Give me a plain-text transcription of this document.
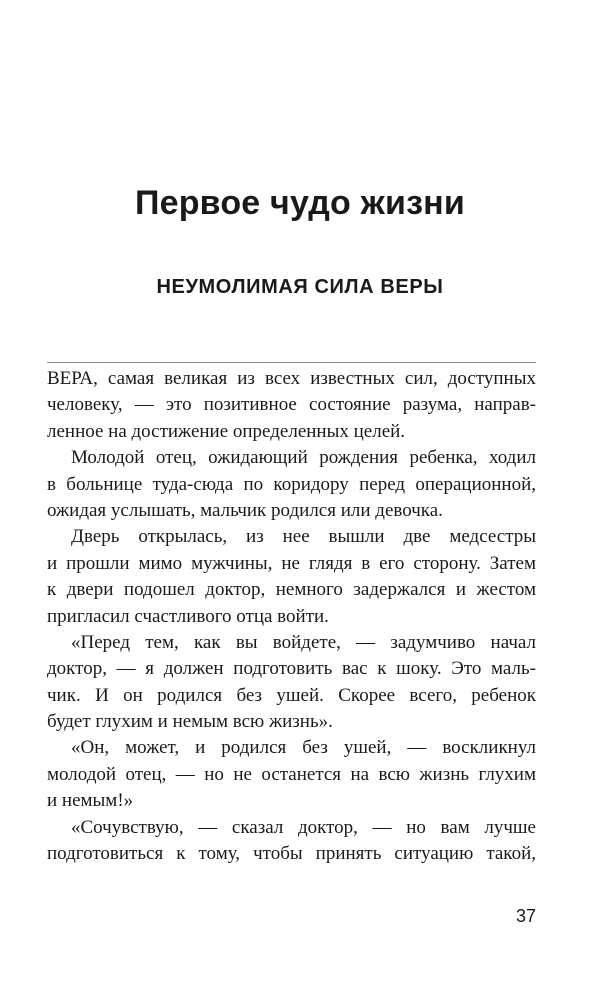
Первое чудо жизни
НЕУМОЛИМАЯ СИЛА ВЕРЫ
ВЕРА, самая великая из всех известных сил, доступных
человеку, — это позитивное состояние разума, направ-
ленное на достижение определенных целей.
Молодой отец, ожидающий рождения ребенка, ходил
в больнице туда-сюда по коридору перед операционной,
ожидая услышать, мальчик родился или девочка.
Дверь открылась, из нее вышли две медсестры
и прошли мимо мужчины, не глядя в его сторону. Затем
к двери подошел доктор, немного задержался и жестом
пригласил счастливого отца войти.
«Перед тем, как вы войдете, — задумчиво начал
доктор, — я должен подготовить вас к шоку. Это маль-
чик. И он родился без ушей. Скорее всего, ребенок
будет глухим и немым всю жизнь».
«Он, может, и родился без ушей, — воскликнул
молодой отец, — но не останется на всю жизнь глухим
и немым!»
«Сочувствую, — сказал доктор, — но вам лучше
подготовиться к тому, чтобы принять ситуацию такой,
37
